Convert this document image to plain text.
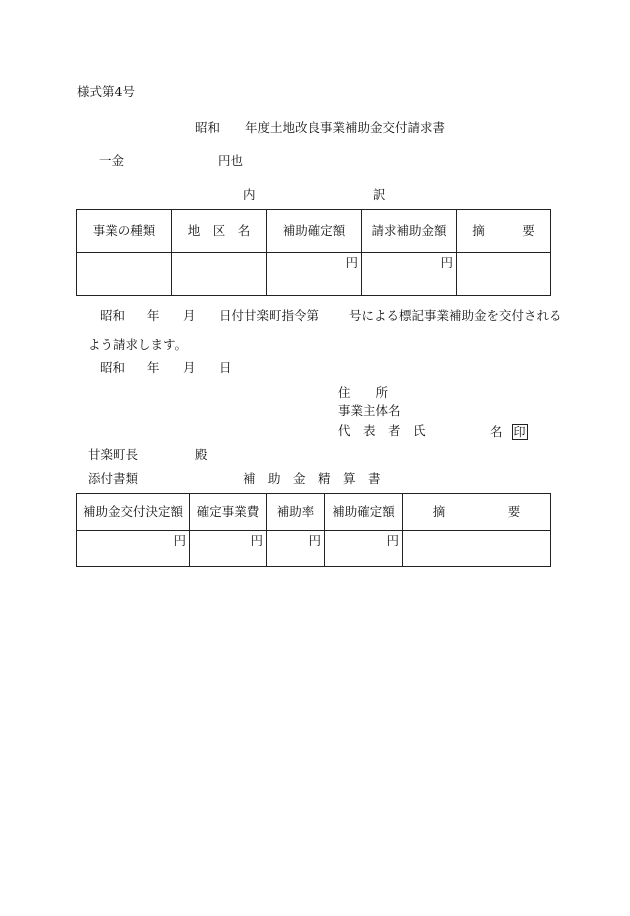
様式第4号
昭和　　年度土地改良事業補助金交付請求書
一金	円也
内	訳
事業の種類	地　区　名	補助確定額	請求補助金額	摘　　　要
		円	円	
昭和 年 月 日付甘楽町指令第 号による標記事業補助金を交付される
よう請求します。
昭和 年 月 日
住　　所
事業主体名
代　表　者　氏	名 印
甘楽町長	殿
添付書類	補　助　金　精　算　書
補助金交付決定額	確定事業費	補助率	補助確定額	摘　　　　　要
円	円	円	円	
